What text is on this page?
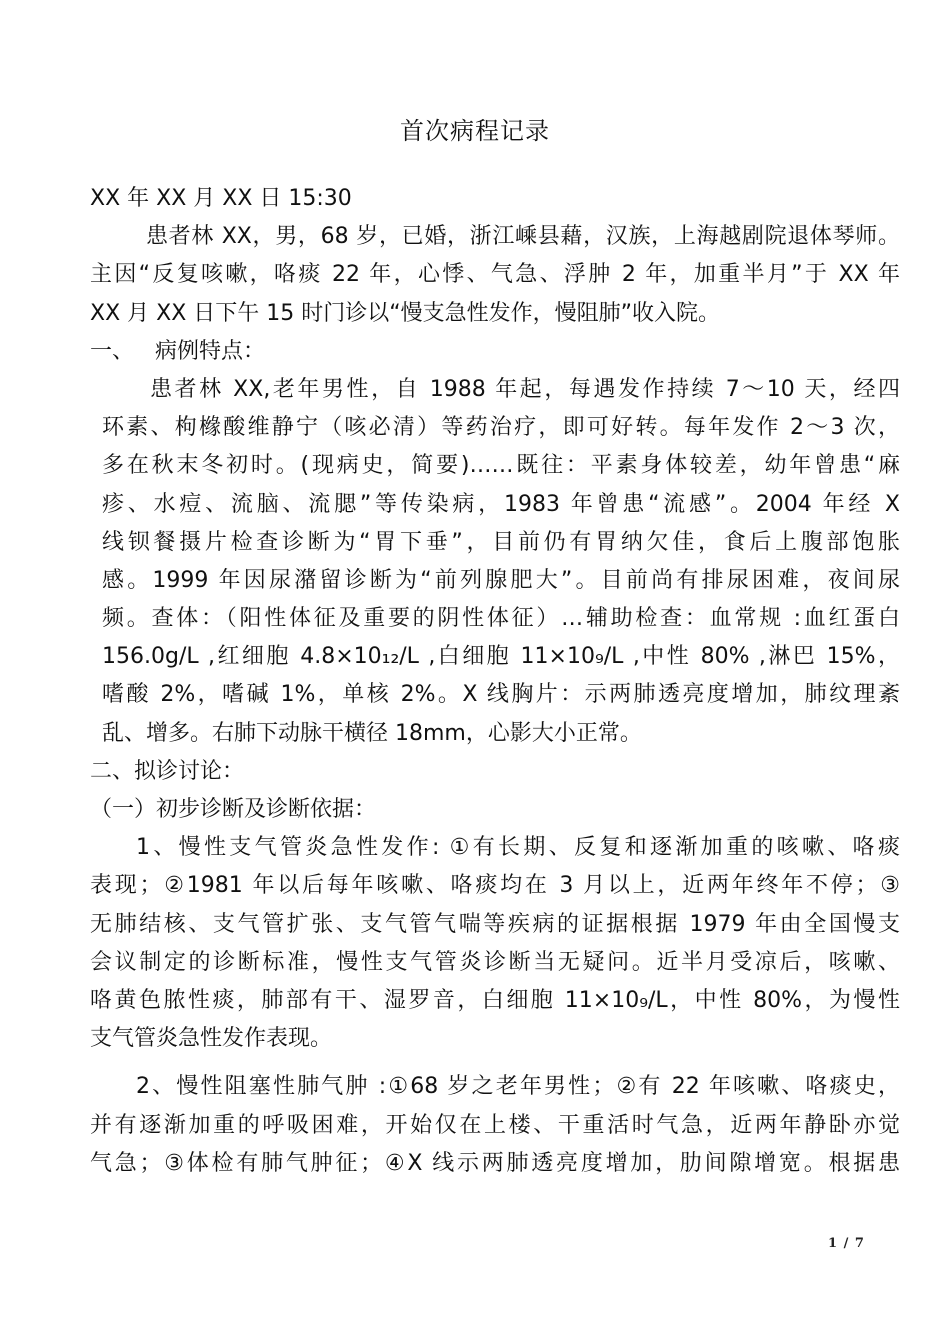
首次病程记录
XX 年 XX 月 XX 日 15:30
患者林 XX，男，68 岁，已婚，浙江嵊县藉，汉族，上海越剧院退体琴师。
主因“反复咳嗽，咯痰 22 年，心悸、气急、浮肿 2 年，加重半月”于 XX 年
XX 月 XX 日下午 15 时门诊以“慢支急性发作，慢阻肺”收入院。
一、   病例特点：
患者林 XX,老年男性，自 1988 年起，每遇发作持续 7～10 天，经四
环素、枸橼酸维静宁（咳必清）等药治疗，即可好转。每年发作 2～3 次，
多在秋末冬初时。(现病史，简要)……既往：平素身体较差，幼年曾患“麻
疹、水痘、流脑、流腮”等传染病，1983 年曾患“流感”。2004 年经 X
线钡餐摄片检查诊断为“胃下垂”，目前仍有胃纳欠佳，食后上腹部饱胀
感。1999 年因尿潴留诊断为“前列腺肥大”。目前尚有排尿困难，夜间尿
频。查体：（阳性体征及重要的阴性体征）…辅助检查：血常规 :血红蛋白
156.0g/L ,红细胞 4.8×10₁₂/L ,白细胞 11×10₉/L ,中性 80% ,淋巴 15%，
嗜酸 2%，嗜碱 1%，单核 2%。X 线胸片：示两肺透亮度增加，肺纹理紊
乱、增多。右肺下动脉干横径 18mm，心影大小正常。
二、拟诊讨论：
（一）初步诊断及诊断依据：
1、慢性支气管炎急性发作: ①有长期、反复和逐渐加重的咳嗽、咯痰
表现；②1981 年以后每年咳嗽、咯痰均在 3 月以上，近两年终年不停；③
无肺结核、支气管扩张、支气管气喘等疾病的证据根据 1979 年由全国慢支
会议制定的诊断标准，慢性支气管炎诊断当无疑问。近半月受凉后，咳嗽、
咯黄色脓性痰，肺部有干、湿罗音，白细胞 11×10₉/L，中性 80%，为慢性
支气管炎急性发作表现。
2、慢性阻塞性肺气肿 :①68 岁之老年男性；②有 22 年咳嗽、咯痰史，
并有逐渐加重的呼吸困难，开始仅在上楼、干重活时气急，近两年静卧亦觉
气急；③体检有肺气肿征；④X 线示两肺透亮度增加，肋间隙增宽。根据患
1 / 7
